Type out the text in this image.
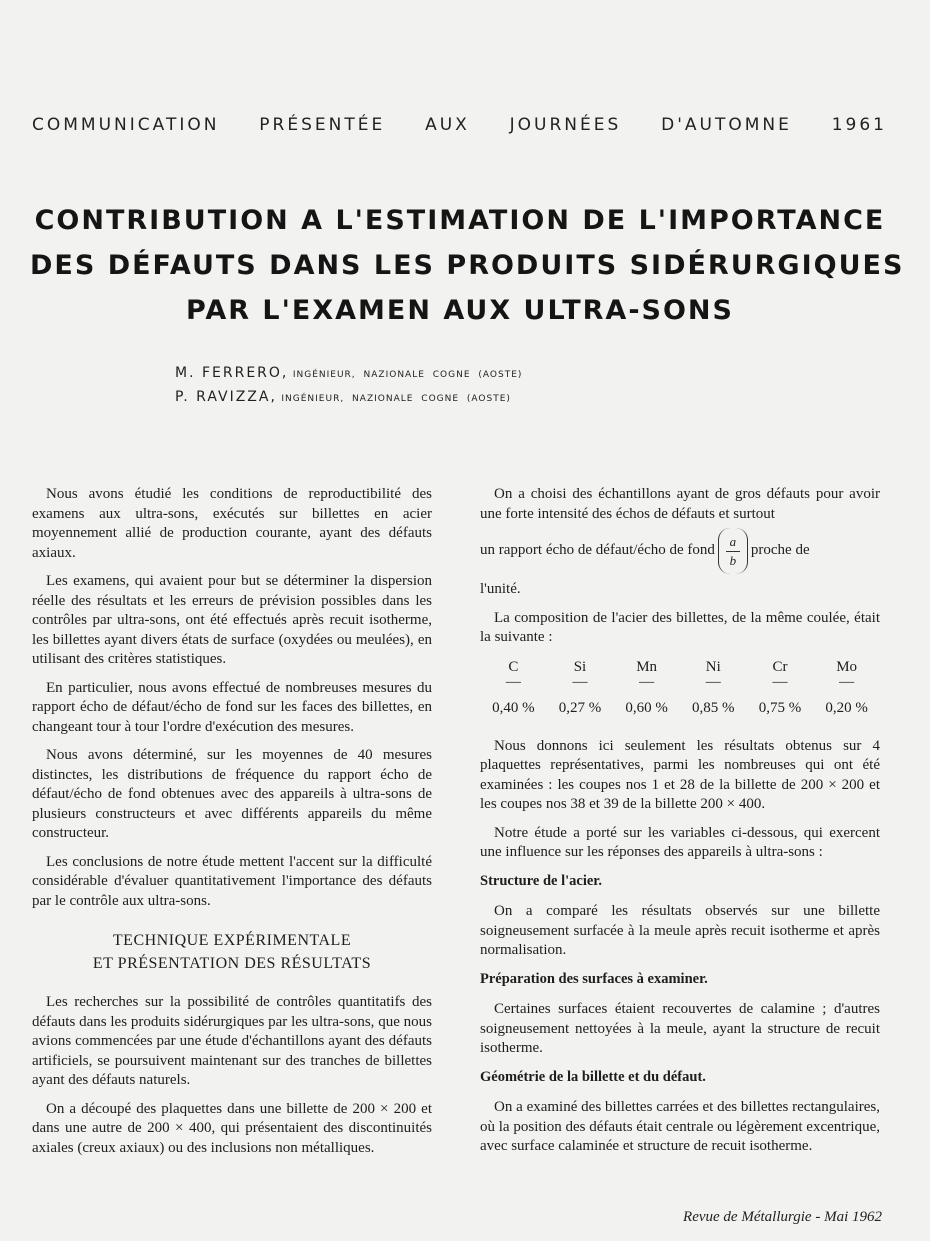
COMMUNICATION PRÉSENTÉE AUX JOURNÉES D'AUTOMNE 1961
CONTRIBUTION A L'ESTIMATION DE L'IMPORTANCE
DES DÉFAUTS DANS LES PRODUITS SIDÉRURGIQUES
PAR L'EXAMEN AUX ULTRA-SONS
M. FERRERO, INGÉNIEUR, NAZIONALE COGNE (AOSTE)
P. RAVIZZA, INGÉNIEUR, NAZIONALE COGNE (AOSTE)

Nous avons étudié les conditions de reproductibilité des examens aux ultra-sons, exécutés sur billettes en acier moyennement allié de production courante, ayant des défauts axiaux.

Les examens, qui avaient pour but se déterminer la dispersion réelle des résultats et les erreurs de prévision possibles dans les contrôles par ultra-sons, ont été effectués après recuit isotherme, les billettes ayant divers états de surface (oxydées ou meulées), en utilisant des critères statistiques.

En particulier, nous avons effectué de nombreuses mesures du rapport écho de défaut/écho de fond sur les faces des billettes, en changeant tour à tour l'ordre d'exécution des mesures.

Nous avons déterminé, sur les moyennes de 40 mesures distinctes, les distributions de fréquence du rapport écho de défaut/écho de fond obtenues avec des appareils à ultra-sons de plusieurs constructeurs et avec différents appareils du même constructeur.

Les conclusions de notre étude mettent l'accent sur la difficulté considérable d'évaluer quantitativement l'importance des défauts par le contrôle aux ultra-sons.

TECHNIQUE EXPÉRIMENTALE
ET PRÉSENTATION DES RÉSULTATS

Les recherches sur la possibilité de contrôles quantitatifs des défauts dans les produits sidérurgiques par les ultra-sons, que nous avions commencées par une étude d'échantillons ayant des défauts artificiels, se poursuivent maintenant sur des tranches de billettes ayant des défauts naturels.

On a découpé des plaquettes dans une billette de 200 × 200 et dans une autre de 200 × 400, qui présentaient des discontinuités axiales (creux axiaux) ou des inclusions non métalliques.

On a choisi des échantillons ayant de gros défauts pour avoir une forte intensité des échos de défauts et surtout

un rapport écho de défaut/écho de fond $\frac{a}{b}$ proche de

l'unité.

La composition de l'acier des billettes, de la même coulée, était la suivante :

C	Si	Mn	Ni	Cr	Mo
—	—	—	—	—	—
0,40 %	0,27 %	0,60 %	0,85 %	0,75 %	0,20 %

Nous donnons ici seulement les résultats obtenus sur 4 plaquettes représentatives, parmi les nombreuses qui ont été examinées : les coupes nos 1 et 28 de la billette de 200 × 200 et les coupes nos 38 et 39 de la billette 200 × 400.

Notre étude a porté sur les variables ci-dessous, qui exercent une influence sur les réponses des appareils à ultra-sons :

Structure de l'acier.

On a comparé les résultats observés sur une billette soigneusement surfacée à la meule après recuit isotherme et après normalisation.

Préparation des surfaces à examiner.

Certaines surfaces étaient recouvertes de calamine ; d'autres soigneusement nettoyées à la meule, ayant la structure de recuit isotherme.

Géométrie de la billette et du défaut.

On a examiné des billettes carrées et des billettes rectangulaires, où la position des défauts était centrale ou légèrement excentrique, avec surface calaminée et structure de recuit isotherme.

Revue de Métallurgie - Mai 1962
